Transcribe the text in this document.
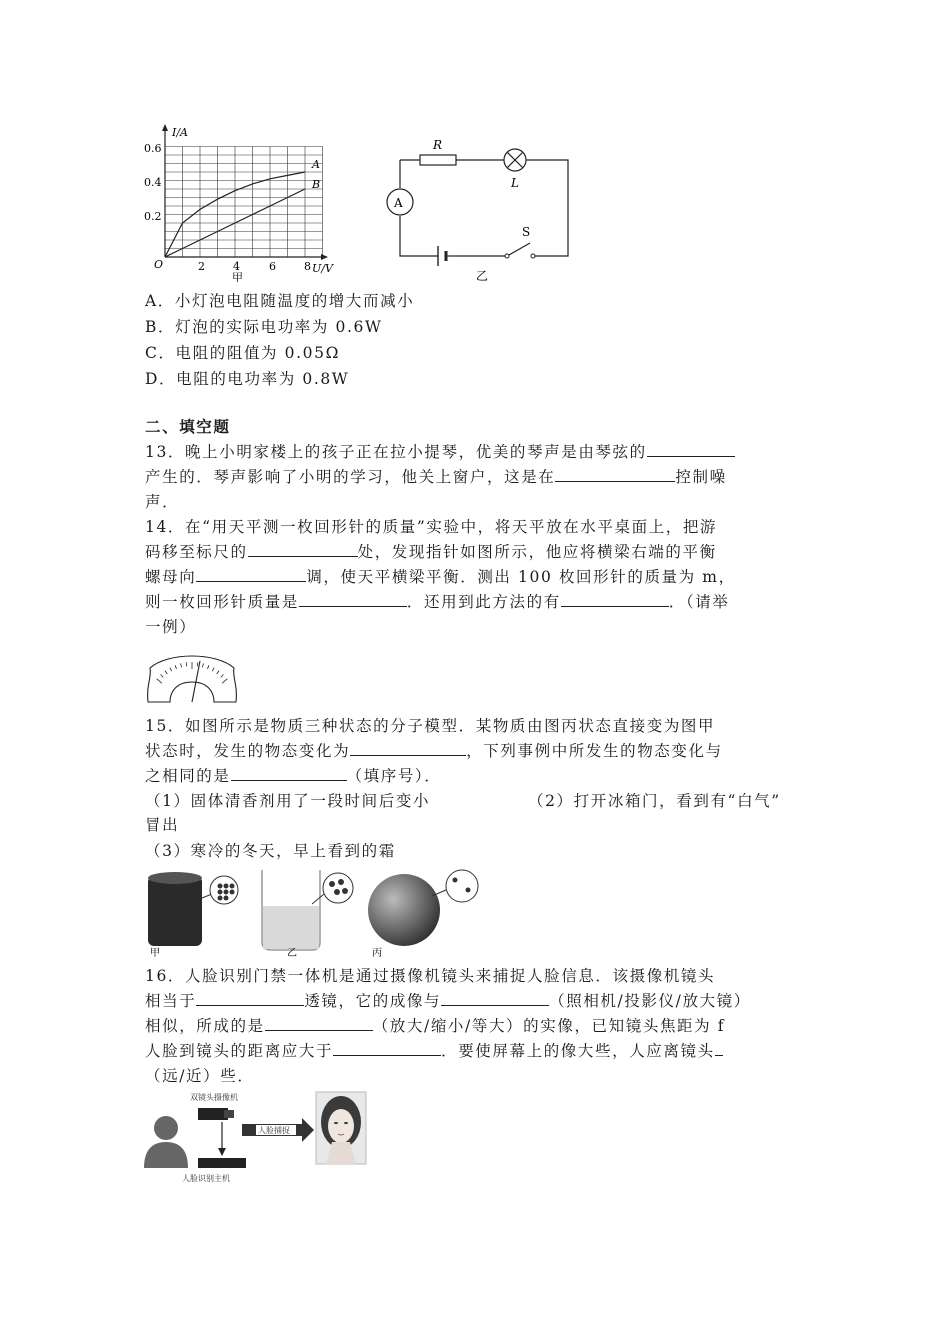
I/A
U/V
O
0.6
0.4
0.2
2	4	6	8
A
B
甲
A
R
L
S
乙
A．小灯泡电阻随温度的增大而减小
B．灯泡的实际电功率为 0.6W
C．电阻的阻值为 0.05Ω
D．电阻的电功率为 0.8W
二、填空题
13．晚上小明家楼上的孩子正在拉小提琴，优美的琴声是由琴弦的
产生的．琴声影响了小明的学习，他关上窗户，这是在	控制噪
声．
14．在“用天平测一枚回形针的质量”实验中，将天平放在水平桌面上，把游
码移至标尺的	处，发现指针如图所示，他应将横梁右端的平衡
螺母向	调，使天平横梁平衡．测出 100 枚回形针的质量为 m，
则一枚回形针质量是	．还用到此方法的有	．（请举
一例）
15．如图所示是物质三种状态的分子模型．某物质由图丙状态直接变为图甲
状态时，发生的物态变化为	，下列事例中所发生的物态变化与
之相同的是	（填序号）．
（1）固体清香剂用了一段时间后变小	（2）打开冰箱门，看到有“白气”
冒出
（3）寒冷的冬天，早上看到的霜
甲	乙	丙
16．人脸识别门禁一体机是通过摄像机镜头来捕捉人脸信息．该摄像机镜头
相当于	透镜，它的成像与	（照相机/投影仪/放大镜）
相似，所成的是	（放大/缩小/等大）的实像，已知镜头焦距为 f
人脸到镜头的距离应大于	．要使屏幕上的像大些，人应离镜头
（远/近）些．
双镜头摄像机
人脸识别主机
人脸捕捉
